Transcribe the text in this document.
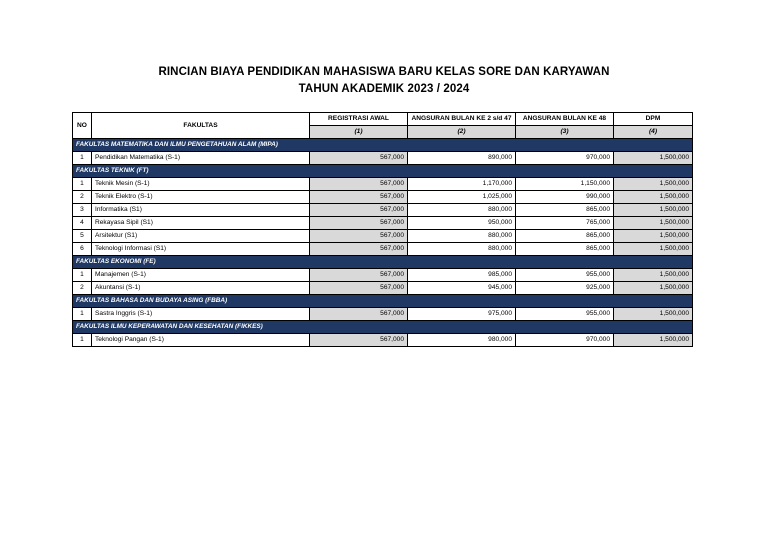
RINCIAN BIAYA PENDIDIKAN MAHASISWA BARU KELAS SORE DAN KARYAWAN
TAHUN AKADEMIK 2023 / 2024
NO	FAKULTAS	REGISTRASI AWAL	ANGSURAN BULAN KE 2 s/d 47	ANGSURAN BULAN KE 48	DPM
		(1)	(2)	(3)	(4)
FAKULTAS MATEMATIKA DAN ILMU PENGETAHUAN ALAM (MIPA)					
1	Pendidikan Matematika (S-1)	567,000	890,000	970,000	1,500,000
FAKULTAS TEKNIK (FT)					
1	Teknik Mesin (S-1)	567,000	1,170,000	1,150,000	1,500,000
2	Teknik Elektro (S-1)	567,000	1,025,000	990,000	1,500,000
3	Informatika (S1)	567,000	880,000	865,000	1,500,000
4	Rekayasa Sipil (S1)	567,000	950,000	765,000	1,500,000
5	Arsitektur (S1)	567,000	880,000	865,000	1,500,000
6	Teknologi Informasi (S1)	567,000	880,000	865,000	1,500,000
FAKULTAS EKONOMI (FE)					
1	Manajemen (S-1)	567,000	985,000	955,000	1,500,000
2	Akuntansi (S-1)	567,000	945,000	925,000	1,500,000
FAKULTAS BAHASA DAN BUDAYA ASING (FBBA)					
1	Sastra Inggris (S-1)	567,000	975,000	955,000	1,500,000
FAKULTAS ILMU KEPERAWATAN DAN KESEHATAN (FIKKES)					
1	Teknologi Pangan (S-1)	567,000	980,000	970,000	1,500,000
